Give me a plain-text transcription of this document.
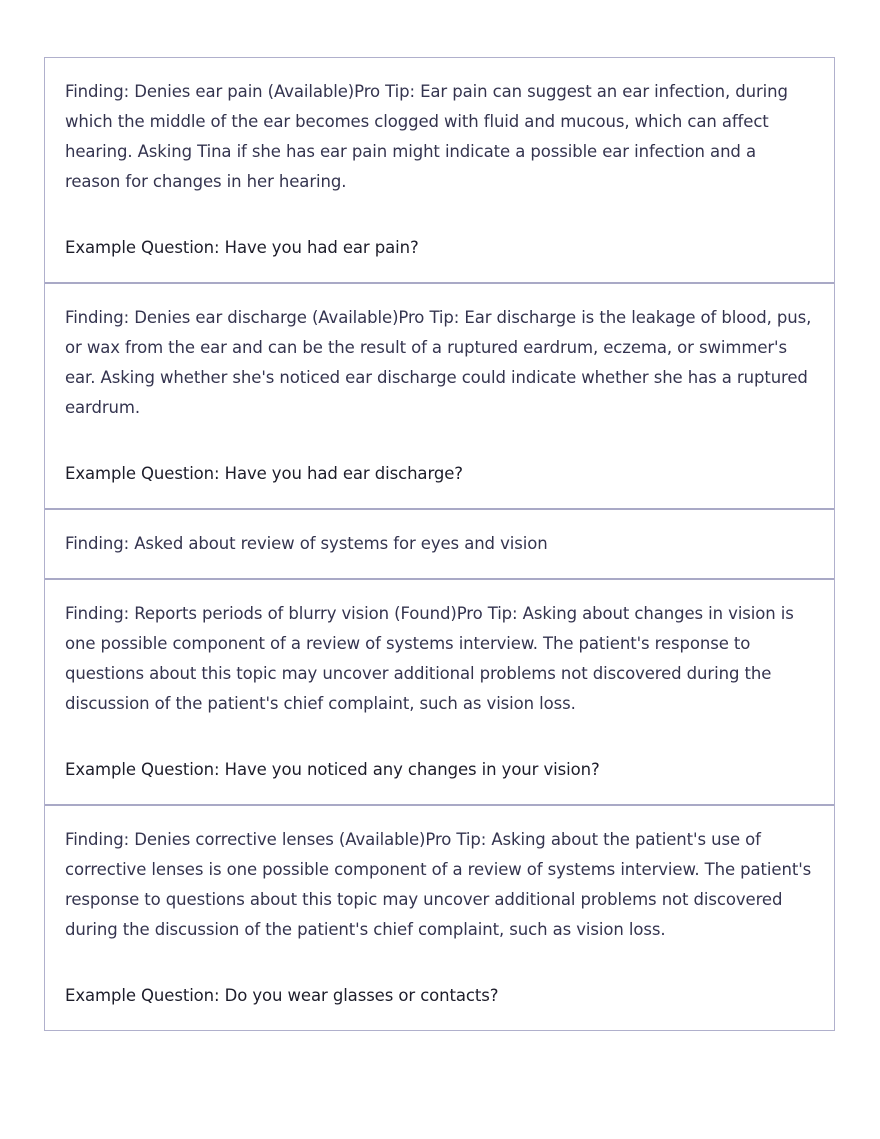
Finding: Denies ear pain (Available)Pro Tip: Ear pain can suggest an ear infection, during which the middle of the ear becomes clogged with fluid and mucous, which can affect hearing. Asking Tina if she has ear pain might indicate a possible ear infection and a reason for changes in her hearing.
Example Question: Have you had ear pain?
Finding: Denies ear discharge (Available)Pro Tip: Ear discharge is the leakage of blood, pus, or wax from the ear and can be the result of a ruptured eardrum, eczema, or swimmer's ear. Asking whether she's noticed ear discharge could indicate whether she has a ruptured eardrum.
Example Question: Have you had ear discharge?
Finding: Asked about review of systems for eyes and vision
Finding: Reports periods of blurry vision (Found)Pro Tip: Asking about changes in vision is one possible component of a review of systems interview. The patient's response to questions about this topic may uncover additional problems not discovered during the discussion of the patient's chief complaint, such as vision loss.
Example Question: Have you noticed any changes in your vision?
Finding: Denies corrective lenses (Available)Pro Tip: Asking about the patient's use of corrective lenses is one possible component of a review of systems interview. The patient's response to questions about this topic may uncover additional problems not discovered during the discussion of the patient's chief complaint, such as vision loss.
Example Question: Do you wear glasses or contacts?
